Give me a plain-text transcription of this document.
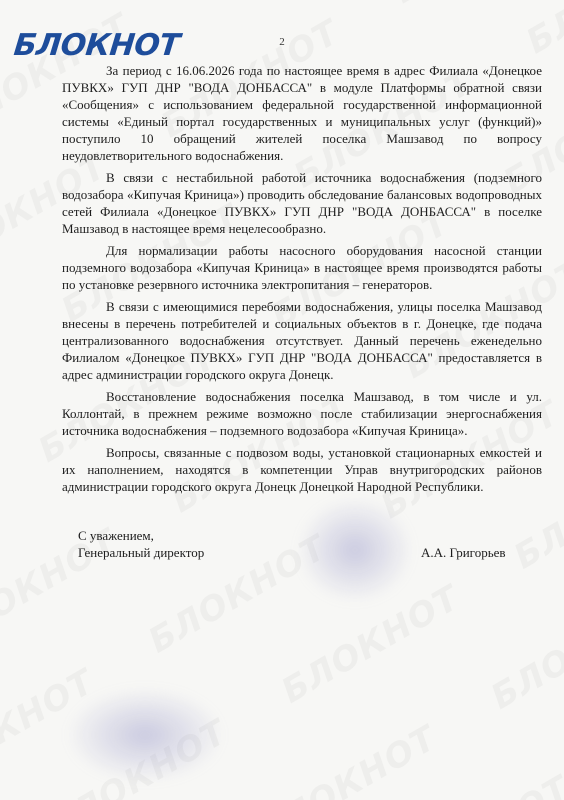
БЛОКНОТ	2

За период с 16.06.2026 года по настоящее время в адрес Филиала «Донецкое ПУВКХ» ГУП ДНР "ВОДА ДОНБАССА" в модуле Платформы обратной связи «Сообщения» с использованием федеральной государственной информационной системы «Единый портал государственных и муниципальных услуг (функций)» поступило 10 обращений жителей поселка Машзавод по вопросу неудовлетворительного водоснабжения.

В связи с нестабильной работой источника водоснабжения (подземного водозабора «Кипучая Криница») проводить обследование балансовых водопроводных сетей Филиала «Донецкое ПУВКХ» ГУП ДНР "ВОДА ДОНБАССА" в поселке Машзавод в настоящее время нецелесообразно.

Для нормализации работы насосного оборудования насосной станции подземного водозабора «Кипучая Криница» в настоящее время производятся работы по установке резервного источника электропитания – генераторов.

В связи с имеющимися перебоями водоснабжения, улицы поселка Машзавод внесены в перечень потребителей и социальных объектов в г. Донецке, где подача централизованного водоснабжения отсутствует. Данный перечень еженедельно Филиалом «Донецкое ПУВКХ» ГУП ДНР "ВОДА ДОНБАССА" предоставляется в адрес администрации городского округа Донецк.

Восстановление водоснабжения поселка Машзавод, в том числе и ул. Коллонтай, в прежнем режиме возможно после стабилизации энергоснабжения источника водоснабжения – подземного водозабора «Кипучая Криница».

Вопросы, связанные с подвозом воды, установкой стационарных емкостей и их наполнением, находятся в компетенции Управ внутригородских районов администрации городского округа Донецк Донецкой Народной Республики.

С уважением,
Генеральный директор	А.А. Григорьев
